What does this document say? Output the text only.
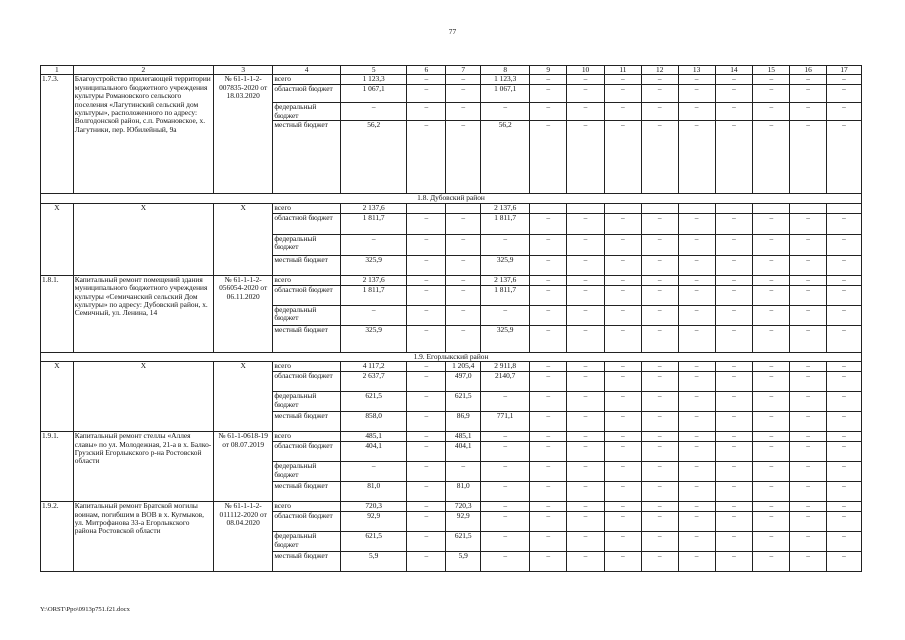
77
1	2	3	4	5	6	7	8	9	10	11	12	13	14	15	16	17
1.7.3.	Благоустройство прилегающей территории муниципального бюджетного учреждения культуры Романовского сельского поселения «Лагутинский сельский дом культуры», расположенного по адресу: Волгодонской район, с.п. Романовское, х. Лагутники, пер. Юбилейный, 9а	№ 61-1-1-2-007835-2020 от 18.03.2020	всего	1 123,3	–	–	1 123,3	–	–	–	–	–	–	–	–	–
			областной бюджет	1 067,1	–	–	1 067,1	–	–	–	–	–	–	–	–	–
			федеральный бюджет	–	–	–	–	–	–	–	–	–	–	–	–	–
			местный бюджет	56,2	–	–	56,2	–	–	–	–	–	–	–	–	–
1.8. Дубовский район																
X	X	X	всего	2 137,6			2 137,6									
			областной бюджет	1 811,7	–	–	1 811,7	–	–	–	–	–	–	–	–	–
			федеральный бюджет	–	–	–	–	–	–	–	–	–	–	–	–	–
			местный бюджет	325,9	–	–	325,9	–	–	–	–	–	–	–	–	–
1.8.1.	Капитальный ремонт помещений здания муниципального бюджетного учреждения культуры «Семичанский сельский Дом культуры» по адресу: Дубовский район, х. Семичный, ул. Ленина, 14	№ 61-1-1-2-056054-2020 от 06.11.2020	всего	2 137,6	–	–	2 137,6	–	–	–	–	–	–	–	–	–
			областной бюджет	1 811,7	–	–	1 811,7	–	–	–	–	–	–	–	–	–
			федеральный бюджет	–	–	–	–	–	–	–	–	–	–	–	–	–
			местный бюджет	325,9	–	–	325,9	–	–	–	–	–	–	–	–	–
1.9. Егорлыкский район																
X	X	X	всего	4 117,2	–	1 205,4	2 911,8	–	–	–	–	–	–	–	–	–
			областной бюджет	2 637,7	–	497,0	2140,7	–	–	–	–	–	–	–	–	–
			федеральный бюджет	621,5	–	621,5	–	–	–	–	–	–	–	–	–	–
			местный бюджет	858,0	–	86,9	771,1	–	–	–	–	–	–	–	–	–
1.9.1.	Капитальный ремонт стеллы «Аллея славы» по ул. Молодежная, 21-а в х. Балко-Грузский Егорлыкского р-на Ростовской области	№ 61-1-0618-19 от 08.07.2019	всего	485,1	–	485,1	–	–	–	–	–	–	–	–	–	–
			областной бюджет	404,1	–	404,1	–	–	–	–	–	–	–	–	–	–
			федеральный бюджет	–	–	–	–	–	–	–	–	–	–	–	–	–
			местный бюджет	81,0	–	81,0	–	–	–	–	–	–	–	–	–	–
1.9.2.	Капитальный ремонт Братской могилы воинам, погибшим в ВОВ в х. Кугмыков, ул. Митрофанова 33-а Егорлыкского района Ростовской области	№ 61-1-1-2-011112-2020 от 08.04.2020	всего	720,3	–	720,3	–	–	–	–	–	–	–	–	–	–
			областной бюджет	92,9	–	92,9	–	–	–	–	–	–	–	–	–	–
			федеральный бюджет	621,5	–	621,5	–	–	–	–	–	–	–	–	–	–
			местный бюджет	5,9	–	5,9	–	–	–	–	–	–	–	–	–	–
Y:\ORST\Ppo\0913p751.f21.docx
